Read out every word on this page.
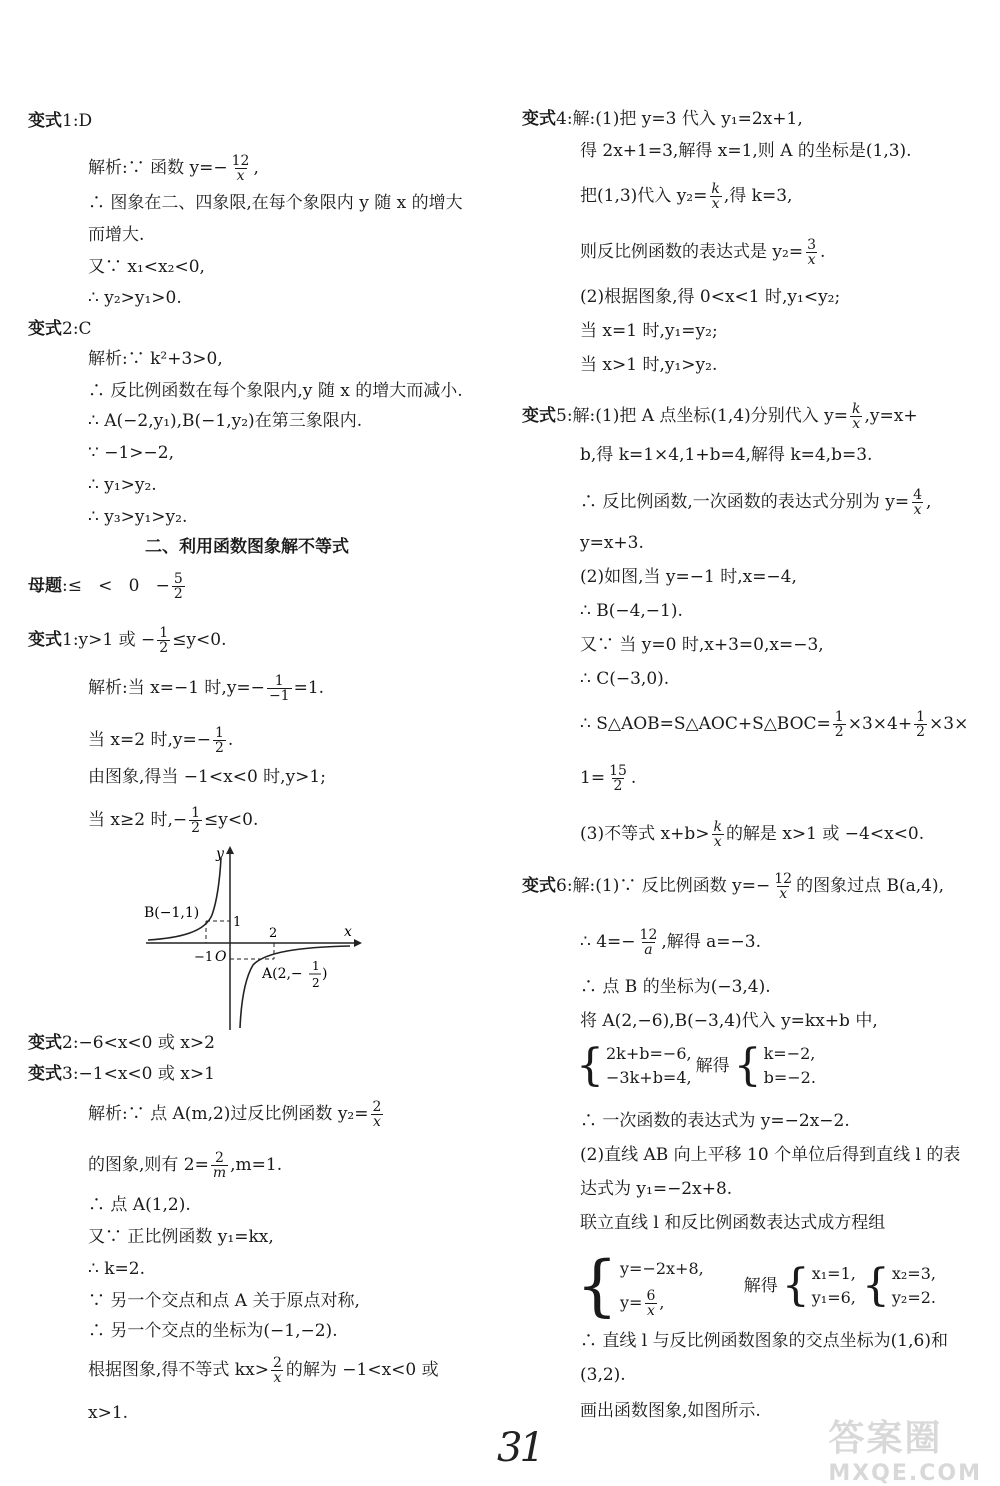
变式 1:D
解析:∵ 函数 $y=- \frac{12}{x}$ ,
∴ 图象在二、四象限,在每个象限内 y 随 x 的增大
而增大.
又∵ x₁<x₂<0,
∴ y₂>y₁>0.
变式 2:C
解析:∵ k²+3>0,
∴ 反比例函数在每个象限内,y 随 x 的增大而减小.
∴ A(−2,y₁),B(−1,y₂)在第三象限内.
∵ −1>−2,
∴ y₁>y₂.
∴ y₃>y₁>y₂.
二、利用函数图象解不等式
母题 :≤   <   $0 - \frac{5}{2}$
变式 1:y>1 或 − $\frac{1}{2} \le y<0$.
解析:当 x=−1 时$,y=- \frac{1}{-1} =1$.
当 x=2 时$,y=- \frac{1}{2}$ .
由图象,得当 −1<x<0 时,y>1;
当 x≥2 时,− $\frac{1}{2} \le y<0$.
y
x
O
B(−1,1)
1
2
−1
A(2,− 1
2
)
变式 2:−6<x<0 或 x>2
变式 3:−1<x<0 或 x>1
解析:∵ 点 A(m,2)过反比例函数 $y_2= \frac{2}{x}$
的图象,则有 $2= \frac{2}{m} ,m=1$.
∴ 点 A(1,2).
又∵ 正比例函数 y₁=kx,
∴ k=2.
∵ 另一个交点和点 A 关于原点对称,
∴ 另一个交点的坐标为(−1,−2).
根据图象,得不等式 kx> 2
x 的解为 −1<x<0 或
x>1.
变式 4:解:(1)把 y=3 代入 y₁=2x+1,
得 2x+1=3,解得 x=1,则 A 的坐标是(1,3).
把(1,3)代入 $y_2= \frac{k}{x}$ ,得 k=3,
则反比例函数的表达式是 $y_2= \frac{3}{x}$ .
(2)根据图象,得 0<x<1 时,y₁<y₂;
当 x=1 时,y₁=y₂;
当 x>1 时,y₁>y₂.
变式 5:解:(1)把 A 点坐标(1,4)分别代入 $y= \frac{k}{x} ,y=x+$
b,得 k=1×4,1+b=4,解得 k=4,b=3.
∴ 反比例函数,一次函数的表达式分别为 $y= \frac{4}{x}$ ,
y=x+3.
(2)如图,当 y=−1 时,x=−4,
∴ B(−4,−1).
又∵ 当 y=0 时,x+3=0,x=−3,
∴ C(−3,0).
∴ S△AOB=S△AOC+S△BOC= $\frac{1}{2} \times 3\times 4+ \frac{1}{2} \times 3\times$
$1= \frac{15}{2}$ .
(3)不等式 x+b> k
x 的解是 x>1 或 −4<x<0.
变式 6:解:(1)∵ 反比例函数 $y=- \frac{12}{x}$ 的图象过点 B(a,4),
∴ $4=- \frac{12}{a}$ ,解得 a=−3.
∴ 点 B 的坐标为(−3,4).
将 A(2,−6),B(−3,4)代入 y=kx+b 中,
{ 2k+b=−6,
−3k+b=4,
解得 { k=−2,
b=−2.
∴ 一次函数的表达式为 y=−2x−2.
(2)直线 AB 向上平移 10 个单位后得到直线 l 的表
达式为 y₁=−2x+8.
联立直线 l 和反比例函数表达式成方程组
{ y=−2x+8,
$y= \frac{6}{x}$ ,
解得 { x₁=1,
y₁=6, { x₂=3,
y₂=2.
∴ 直线 l 与反比例函数图象的交点坐标为(1,6)和
(3,2).
画出函数图象,如图所示.
31	答案圈
MXQE.COM
